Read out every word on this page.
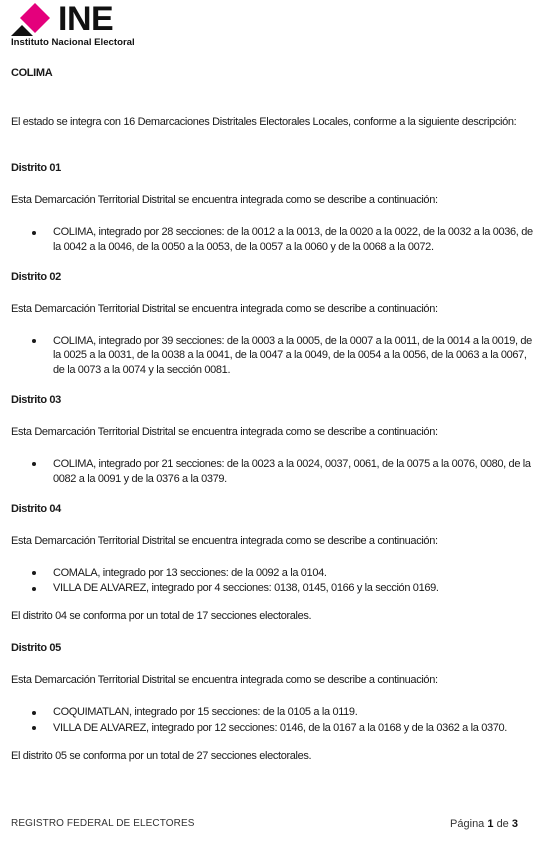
INE
Instituto Nacional Electoral

COLIMA

El estado se integra con 16 Demarcaciones Distritales Electorales Locales, conforme a la siguiente descripción:

Distrito 01

Esta Demarcación Territorial Distrital se encuentra integrada como se describe a continuación:

COLIMA, integrado por 28 secciones: de la 0012 a la 0013, de la 0020 a la 0022, de la 0032 a la 0036, de la 0042 a la 0046, de la 0050 a la 0053, de la 0057 a la 0060 y de la 0068 a la 0072.
Distrito 02

Esta Demarcación Territorial Distrital se encuentra integrada como se describe a continuación:

COLIMA, integrado por 39 secciones: de la 0003 a la 0005, de la 0007 a la 0011, de la 0014 a la 0019, de la 0025 a la 0031, de la 0038 a la 0041, de la 0047 a la 0049, de la 0054 a la 0056, de la 0063 a la 0067, de la 0073 a la 0074 y la sección 0081.
Distrito 03

Esta Demarcación Territorial Distrital se encuentra integrada como se describe a continuación:

COLIMA, integrado por 21 secciones: de la 0023 a la 0024, 0037, 0061, de la 0075 a la 0076, 0080, de la 0082 a la 0091 y de la 0376 a la 0379.
Distrito 04

Esta Demarcación Territorial Distrital se encuentra integrada como se describe a continuación:

COMALA, integrado por 13 secciones: de la 0092 a la 0104.
VILLA DE ALVAREZ, integrado por 4 secciones: 0138, 0145, 0166 y la sección 0169.

El distrito 04 se conforma por un total de 17 secciones electorales.

Distrito 05

Esta Demarcación Territorial Distrital se encuentra integrada como se describe a continuación:

COQUIMATLAN, integrado por 15 secciones: de la 0105 a la 0119.
VILLA DE ALVAREZ, integrado por 12 secciones: 0146, de la 0167 a la 0168 y de la 0362 a la 0370.

El distrito 05 se conforma por un total de 27 secciones electorales.

REGISTRO FEDERAL DE ELECTORES	Página 1 de 3
